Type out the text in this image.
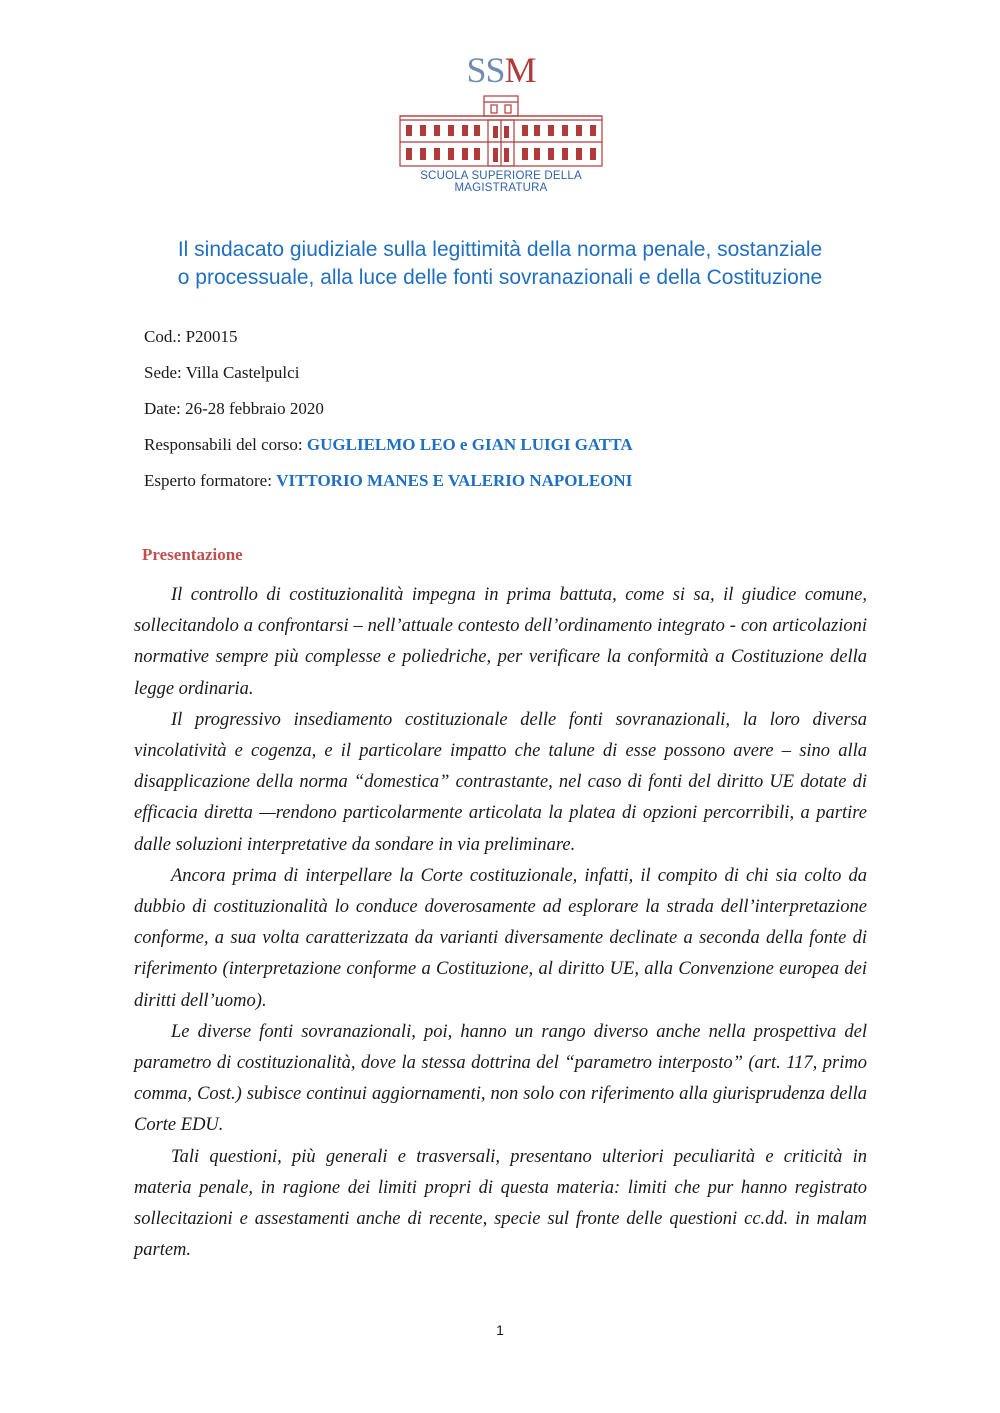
SSM
SCUOLA SUPERIORE DELLA MAGISTRATURA
Il sindacato giudiziale sulla legittimità della norma penale, sostanziale
o processuale, alla luce delle fonti sovranazionali e della Costituzione
Cod.: P20015
Sede: Villa Castelpulci
Date: 26-28 febbraio 2020
Responsabili del corso: GUGLIELMO LEO e GIAN LUIGI GATTA
Esperto formatore: VITTORIO MANES E VALERIO NAPOLEONI
Presentazione

Il controllo di costituzionalità impegna in prima battuta, come si sa, il giudice comune, sollecitandolo a confrontarsi – nell’attuale contesto dell’ordinamento integrato - con articolazioni normative sempre più complesse e poliedriche, per verificare la conformità a Costituzione della legge ordinaria.

Il progressivo insediamento costituzionale delle fonti sovranazionali, la loro diversa vincolatività e cogenza, e il particolare impatto che talune di esse possono avere – sino alla disapplicazione della norma “domestica” contrastante, nel caso di fonti del diritto UE dotate di efficacia diretta —rendono particolarmente articolata la platea di opzioni percorribili, a partire dalle soluzioni interpretative da sondare in via preliminare.

Ancora prima di interpellare la Corte costituzionale, infatti, il compito di chi sia colto da dubbio di costituzionalità lo conduce doverosamente ad esplorare la strada dell’interpretazione conforme, a sua volta caratterizzata da varianti diversamente declinate a seconda della fonte di riferimento (interpretazione conforme a Costituzione, al diritto UE, alla Convenzione europea dei diritti dell’uomo).

Le diverse fonti sovranazionali, poi, hanno un rango diverso anche nella prospettiva del parametro di costituzionalità, dove la stessa dottrina del “parametro interposto” (art. 117, primo comma, Cost.) subisce continui aggiornamenti, non solo con riferimento alla giurisprudenza della Corte EDU.

Tali questioni, più generali e trasversali, presentano ulteriori peculiarità e criticità in materia penale, in ragione dei limiti propri di questa materia: limiti che pur hanno registrato sollecitazioni e assestamenti anche di recente, specie sul fronte delle questioni cc.dd. in malam partem.

1
